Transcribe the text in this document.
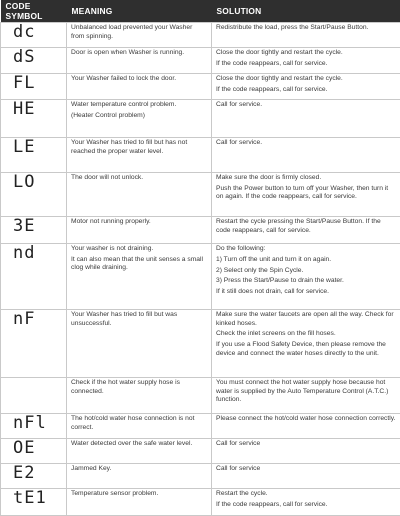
CODE SYMBOL	MEANING	SOLUTION
dc	Unbalanced load prevented your Washer from spinning.	Redistribute the load, press the Start/Pause Button.

dS	Door is open when Washer is running.	Close the door tightly and restart the cycle.
If the code reappears, call for service.

FL	Your Washer failed to lock the door.	Close the door tightly and restart the cycle.
If the code reappears, call for service.

HE	Water temperature control problem.
(Heater Control problem)	Call for service.

LE	Your Washer has tried to fill but has not reached the proper water level.	Call for service.

LO	The door will not unlock.	Make sure the door is firmly closed.
Push the Power button to turn off your Washer, then turn it on again. If the code reappears, call for service.

3E	Motor not running properly.	Restart the cycle pressing the Start/Pause Button. If the code reappears, call for service.

nd	Your washer is not draining.
It can also mean that the unit senses a small clog while draining.	Do the following:
1) Turn off the unit and turn it on again.
2) Select only the Spin Cycle.
3) Press the Start/Pause to drain the water.
If it still does not drain, call for service.

nF	Your Washer has tried to fill but was unsuccessful.	Make sure the water faucets are open all the way. Check for kinked hoses.
Check the inlet screens on the fill hoses.
If you use a Flood Safety Device, then please remove the device and connect the water hoses directly to the unit.

	Check if the hot water supply hose is connected.	You must connect the hot water supply hose because hot water is supplied by the Auto Temperature Control (A.T.C.) function.

nFl	The hot/cold water hose connection is not correct.	Please connect the hot/cold water hose connection correctly.

OE	Water detected over the safe water level.	Call for service

E2	Jammed Key.	Call for service

tE1	Temperature sensor problem.	Restart the cycle.
If the code reappears, call for service.
